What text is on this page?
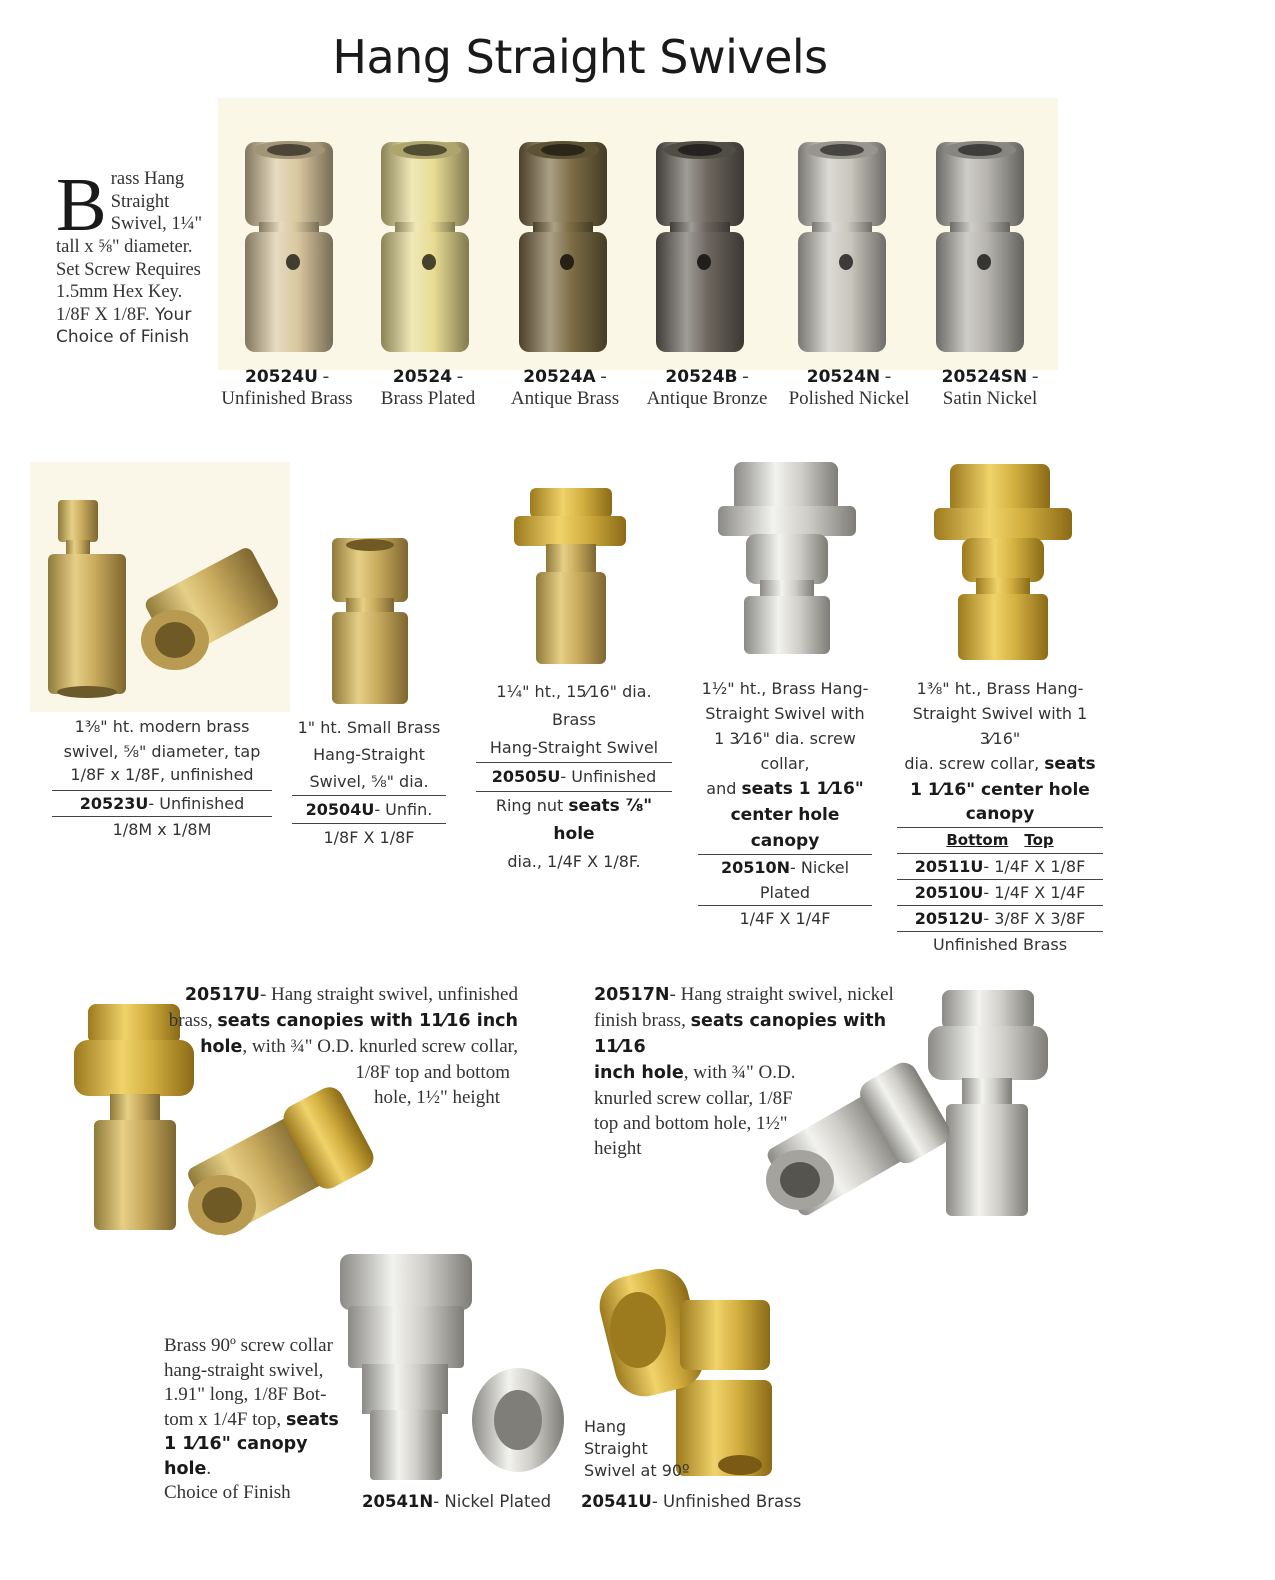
Hang Straight Swivels
B rass Hang
Straight
Swivel, 1¼"
tall x ⅝" diameter.
Set Screw Requires
1.5mm Hex Key.
1/8F X 1/8F. Your Choice of Finish
20524U -
Unfinished Brass
20524 -
Brass Plated
20524A -
Antique Brass
20524B -
Antique Bronze
20524N -
Polished Nickel
20524SN -
Satin Nickel
1⅜" ht. modern brass
swivel, ⅝" diameter, tap
1/8F x 1/8F, unfinished
20523U- Unfinished
1/8M x 1/8M
1" ht. Small Brass
Hang-Straight
Swivel, ⅝" dia.
20504U- Unfin.
1/8F X 1/8F
1¼" ht., 15⁄16" dia. Brass
Hang-Straight Swivel
20505U- Unfinished
Ring nut seats ⅞" hole
dia., 1/4F X 1/8F.
1½" ht., Brass Hang-
Straight Swivel with
1 3⁄16" dia. screw collar,
and seats 1 1⁄16"
center hole canopy
20510N- Nickel
Plated
1/4F X 1/4F
1⅜" ht., Brass Hang-
Straight Swivel with 1 3⁄16"
dia. screw collar, seats
1 1⁄16" center hole
canopy
Bottom Top
20511U- 1/4F X 1/8F
20510U- 1/4F X 1/4F
20512U- 3/8F X 3/8F
Unfinished Brass
20517U- Hang straight swivel, unfinished
brass, seats canopies with 11⁄16 inch
hole, with ¾" O.D. knurled screw collar,
1/8F top and bottom
hole, 1½" height
20517N- Hang straight swivel, nickel
finish brass, seats canopies with 11⁄16
inch hole, with ¾" O.D.
knurled screw collar, 1/8F
top and bottom hole, 1½"
height
Brass 90º screw collar
hang-straight swivel,
1.91" long, 1/8F Bot-
tom x 1/4F top, seats
1 1⁄16" canopy hole.
Choice of Finish
Hang Straight
Swivel at 90º
20541N- Nickel Plated 20541U- Unfinished Brass
